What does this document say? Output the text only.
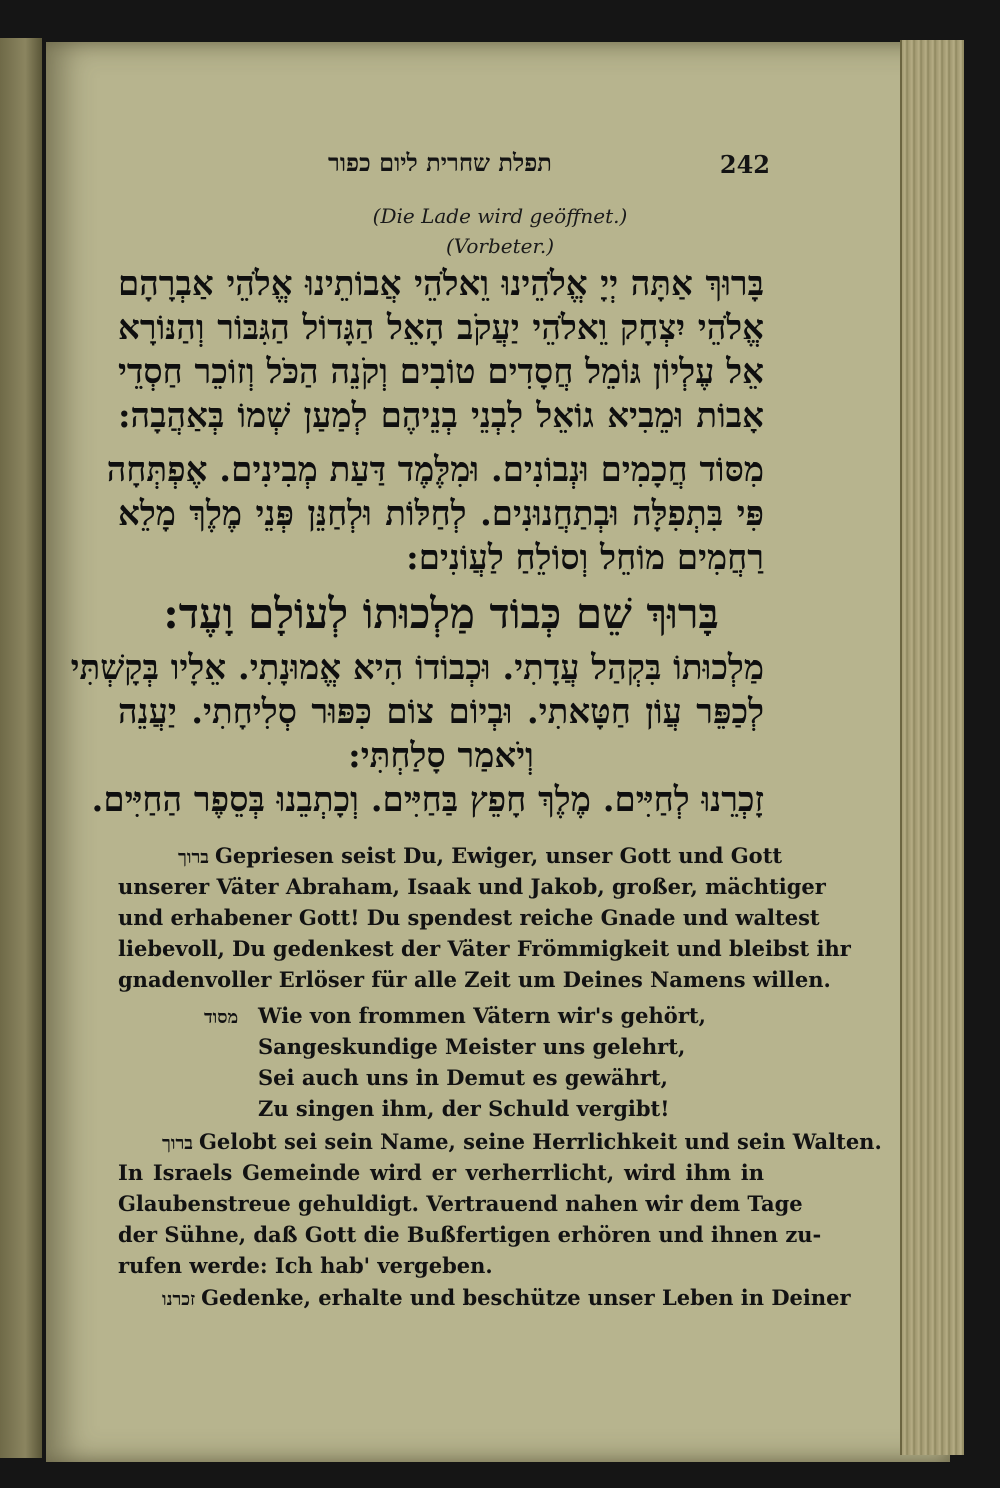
תפלת שחרית ליום כפור	242
(Die Lade wird geöffnet.)
(Vorbeter.)
בָּרוּךְ אַתָּה יְיָ אֱלֹהֵינוּ וֵאלֹהֵי אֲבוֹתֵינוּ אֱלֹהֵי אַבְרָהָם
אֱלֹהֵי יִצְחָק וֵאלֹהֵי יַעֲקֹב הָאֵל הַגָּדוֹל הַגִּבּוֹר וְהַנּוֹרָא
אֵל עֶלְיוֹן גּוֹמֵל חֲסָדִים טוֹבִים וְקֹנֵה הַכֹּל וְזוֹכֵר חַסְדֵי
אָבוֹת וּמֵבִיא גוֹאֵל לִבְנֵי בְנֵיהֶם לְמַעַן שְׁמוֹ בְּאַהֲבָה:
מִסּוֹד חֲכָמִים וּנְבוֹנִים. וּמִלֶּמֶד דַּעַת מְבִינִים. אֶפְתְּחָה
פִּי בִּתְפִלָּה וּבְתַחֲנוּנִים. לְחַלּוֹת וּלְחַנֵּן פְּנֵי מֶלֶךְ מָלֵא
רַחֲמִים מוֹחֵל וְסוֹלֵחַ לַעֲוֹנִים:
בָּרוּךְ שֵׁם כְּבוֹד מַלְכוּתוֹ לְעוֹלָם וָעֶד:
מַלְכוּתוֹ בִּקְהַל עֲדָתִי. וּכְבוֹדוֹ הִיא אֱמוּנָתִי. אֵלָיו בְּקָשְׁתִּי
לְכַפֵּר עֲוֹן חַטָּאתִי. וּבְיוֹם צוֹם כִּפּוּר סְלִיחָתִי. יַעֲנֵה
וְיֹאמַר סָלַחְתִּי:
זָכְרֵנוּ לְחַיִּים. מֶלֶךְ חָפֵץ בַּחַיִּים. וְכָתְבֵנוּ בְּסֵפֶר הַחַיִּים.
ברוך Gepriesen seist Du, Ewiger, unser Gott und Gott
unserer Väter Abraham, Isaak und Jakob, großer, mächtiger
und erhabener Gott! Du spendest reiche Gnade und waltest
liebevoll, Du gedenkest der Väter Frömmigkeit und bleibst ihr
gnadenvoller Erlöser für alle Zeit um Deines Namens willen.
מסוד Wie von frommen Vätern wir's gehört,
Sangeskundige Meister uns gelehrt,
Sei auch uns in Demut es gewährt,
Zu singen ihm, der Schuld vergibt!
ברוך Gelobt sei sein Name, seine Herrlichkeit und sein Walten.
In Israels Gemeinde wird er verherrlicht, wird ihm in
Glaubenstreue gehuldigt. Vertrauend nahen wir dem Tage
der Sühne, daß Gott die Bußfertigen erhören und ihnen zu-
rufen werde: Ich hab' vergeben.
זכרנו Gedenke, erhalte und beschütze unser Leben in Deiner
